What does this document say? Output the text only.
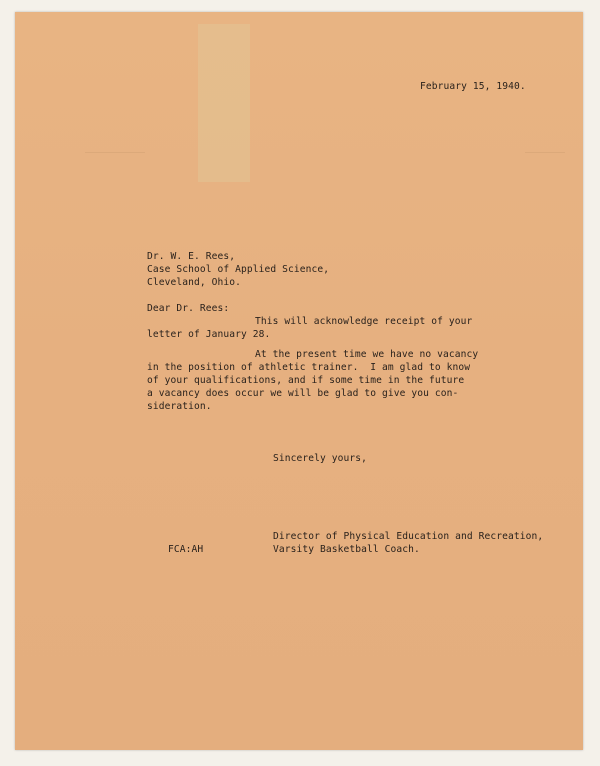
February 15, 1940.

Dr. W. E. Rees,

Case School of Applied Science,

Cleveland, Ohio.

Dear Dr. Rees:

This will acknowledge receipt of your

letter of January 28.

At the present time we have no vacancy

in the position of athletic trainer.  I am glad to know

of your qualifications, and if some time in the future

a vacancy does occur we will be glad to give you con-

sideration.

Sincerely yours,

Director of Physical Education and Recreation,

FCA:AH	Varsity Basketball Coach.
